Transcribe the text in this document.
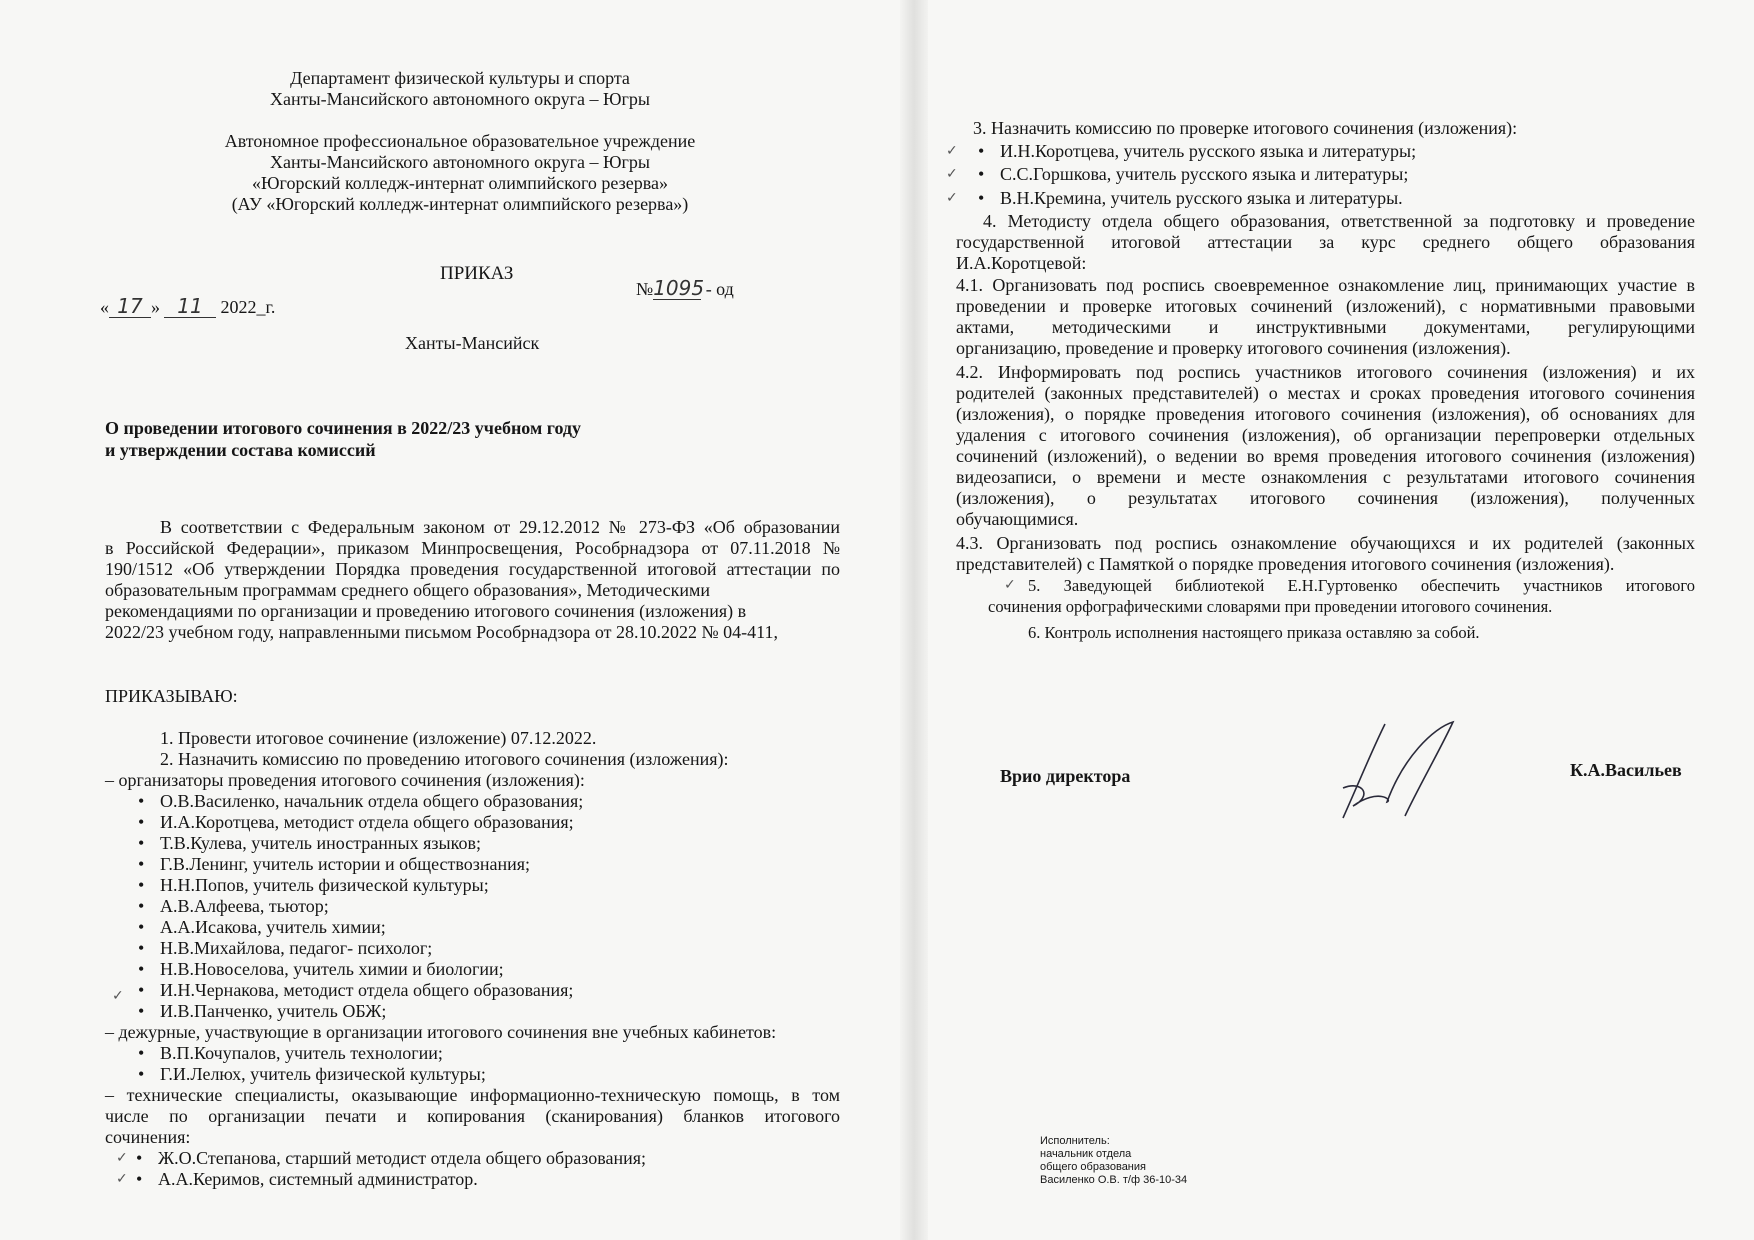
Департамент физической культуры и спорта
Ханты-Мансийского автономного округа – Югры
Автономное профессиональное образовательное учреждение
Ханты-Мансийского автономного округа – Югры
«Югорский колледж-интернат олимпийского резерва»
(АУ «Югорский колледж-интернат олимпийского резерва»)
ПРИКАЗ
« 17 » 11 2022_г.
№1095 - од
Ханты-Мансийск
О проведении итогового сочинения в 2022/23 учебном году
и утверждении состава комиссий
В соответствии с Федеральным законом от 29.12.2012 № 273-ФЗ «Об образовании
в Российской Федерации», приказом Минпросвещения, Рособрнадзора от 07.11.2018 №
190/1512 «Об утверждении Порядка проведения государственной итоговой аттестации по
образовательным программам среднего общего образования», Методическими
рекомендациями по организации и проведению итогового сочинения (изложения) в
2022/23 учебном году, направленными письмом Рособрнадзора от 28.10.2022 № 04-411,
ПРИКАЗЫВАЮ:
1. Провести итоговое сочинение (изложение) 07.12.2022.
2. Назначить комиссию по проведению итогового сочинения (изложения):
– организаторы проведения итогового сочинения (изложения):
• О.В.Василенко, начальник отдела общего образования;
• И.А.Коротцева, методист отдела общего образования;
• Т.В.Кулева, учитель иностранных языков;
• Г.В.Ленинг, учитель истории и обществознания;
• Н.Н.Попов, учитель физической культуры;
• А.В.Алфеева, тьютор;
• А.А.Исакова, учитель химии;
• Н.В.Михайлова, педагог- психолог;
• Н.В.Новоселова, учитель химии и биологии;
• И.Н.Чернакова, методист отдела общего образования;
• И.В.Панченко, учитель ОБЖ;
– дежурные, участвующие в организации итогового сочинения вне учебных кабинетов:
• В.П.Кочупалов, учитель технологии;
• Г.И.Лелюх, учитель физической культуры;
– технические специалисты, оказывающие информационно-техническую помощь, в том
числе по организации печати и копирования (сканирования) бланков итогового
сочинения:
• Ж.О.Степанова, старший методист отдела общего образования;
• А.А.Керимов, системный администратор.
✓
✓
✓
3. Назначить комиссию по проверке итогового сочинения (изложения):
• И.Н.Коротцева, учитель русского языка и литературы;
• С.С.Горшкова, учитель русского языка и литературы;
• В.Н.Кремина, учитель русского языка и литературы.
✓
✓
✓
4. Методисту отдела общего образования, ответственной за подготовку и проведение
государственной итоговой аттестации за курс среднего общего образования
И.А.Коротцевой:
4.1. Организовать под роспись своевременное ознакомление лиц, принимающих участие в
проведении и проверке итоговых сочинений (изложений), с нормативными правовыми
актами, методическими и инструктивными документами, регулирующими
организацию, проведение и проверку итогового сочинения (изложения).
4.2. Информировать под роспись участников итогового сочинения (изложения) и их
родителей (законных представителей) о местах и сроках проведения итогового сочинения
(изложения), о порядке проведения итогового сочинения (изложения), об основаниях для
удаления с итогового сочинения (изложения), об организации перепроверки отдельных
сочинений (изложений), о ведении во время проведения итогового сочинения (изложения)
видеозаписи, о времени и месте ознакомления с результатами итогового сочинения
(изложения), о результатах итогового сочинения (изложения), полученных
обучающимися.
4.3. Организовать под роспись ознакомление обучающихся и их родителей (законных
представителей) с Памяткой о порядке проведения итогового сочинения (изложения).
✓ 5. Заведующей библиотекой Е.Н.Гуртовенко обеспечить участников итогового
сочинения орфографическими словарями при проведении итогового сочинения.
6. Контроль исполнения настоящего приказа оставляю за собой.
Врио директора	К.А.Васильев
Исполнитель:
начальник отдела
общего образования
Василенко О.В. т/ф 36-10-34
